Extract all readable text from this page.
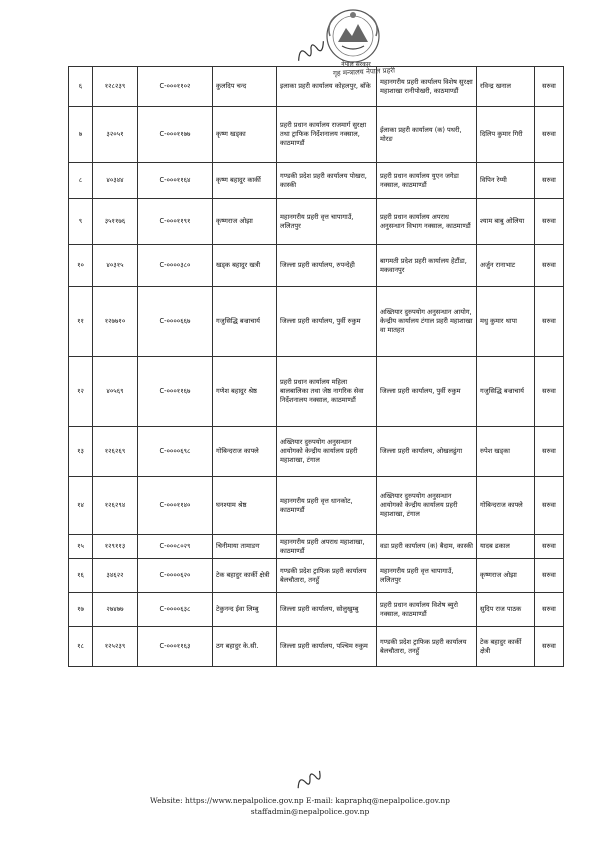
नेपाल सरकार
गृह मन्त्रालय नेपाल प्रहरी
६	१२८२३९	C-०००११०२	कुलदिप चन्द	इलाका प्रहरी कार्यालय कोहलपुर, बाँके	महानगरीय प्रहरी कार्यालय विशेष सुरक्षा महाशाखा रानीपोखरी, काठमाण्डौं	रविन्द्र खनाल	सरुवा
७	३२०५१	C-०००११७७	कृष्ण खड्का	प्रहरी प्रधान कार्यालय राजमार्ग सुरक्षा तथा ट्राफिक निर्देशनालय नक्साल, काठमाण्डौं	ईलाका प्रहरी कार्यालय (क) पथरी, मोरङ	दिलिप कुमार गिरी	सरुवा
८	४०३४४	C-०००११६४	कृष्ण बहादुर कार्की	गण्डकी प्रदेश प्रहरी कार्यालय पोखरा, कास्की	प्रहरी प्रधान कार्यालय युएन जगेडा नक्साल, काठमाण्डौं	विपिन रेग्मी	सरुवा
९	३५११७६	C-०००११९१	कृष्णराज ओझा	महानगरीय प्रहरी वृत्त चापागाउँ, ललितपुर	प्रहरी प्रधान कार्यालय अपराध अनुसन्धान विभाग नक्साल, काठमाण्डौं	श्याम बाबु ओलिया	सरुवा
१०	४०३१५	C-००००३८०	खड्क बहादुर खत्री	जिल्ला प्रहरी कार्यालय, रुपन्देही	बागमती प्रदेश प्रहरी कार्यालय हेटौंडा, मकवानपुर	अर्जुन रानाभाट	सरुवा
११	१२७७१०	C-००००६६७	गजुसिद्धि बज्राचार्य	जिल्ला प्रहरी कार्यालय, पुर्वी रुकुम	अख्तियार दुरुपयोग अनुसन्धान आयोग, केन्द्रीय कार्यालय टंगाल प्रहरी महाशाखा वा मातहत	मधु कुमार थापा	सरुवा
१२	४०५६९	C-०००११६७	गणेश बहादुर श्रेष्ठ	प्रहरी प्रधान कार्यालय महिला बालबालिका तथा जेष्ठ नागरिक सेवा निर्देशनालय नक्साल, काठमाण्डौं	जिल्ला प्रहरी कार्यालय, पुर्वी रुकुम	गजुसिद्धि बज्राचार्य	सरुवा
१३	१२६२६९	C-००००६९८	गोबिन्दराज काफ्ले	अख्तियार दुरुपयोग अनुसन्धान आयोगको केन्द्रीय कार्यालय प्रहरी महाशाखा, टंगाल	जिल्ला प्रहरी कार्यालय, ओखलढुंगा	रुपेश खड्का	सरुवा
१४	१२६२९४	C-०००११४०	घनश्याम श्रेष्ठ	महानगरीय प्रहरी वृत्त धानकोट, काठमाण्डौं	अख्तियार दुरुपयोग अनुसन्धान आयोगको केन्द्रीय कार्यालय प्रहरी महाशाखा, टंगाल	गोबिन्दराज काफ्ले	सरुवा
१५	१२९११३	C-०००८०२९	चिनीमाया तामाङग	महानगरीय प्रहरी अपराध महाशाखा, काठमाण्डौं	वडा प्रहरी कार्यालय (क) बैदाम, कास्की	यादब ढकाल	सरुवा
१६	३४६२२	C-००००६२०	टेक बहादुर कार्की क्षेत्री	गण्डकी प्रदेश ट्राफिक प्रहरी कार्यालय बेलचौतारा, तनहुँ	महानगरीय प्रहरी वृत्त चापागाउँ, ललितपुर	कृष्णराज ओझा	सरुवा
१७	२७४७७	C-००००६३८	टेकुनन्द ईवा लिम्बु	जिल्ला प्रहरी कार्यालय, सोलुखुम्बु	प्रहरी प्रधान कार्यालय विशेष ब्युरो नक्साल, काठमाण्डौं	सुदिप राज पाठक	सरुवा
१८	१२५२३९	C-०००११६३	ठग बहादुर के.सी.	जिल्ला प्रहरी कार्यालय, पश्चिम रुकुम	गण्डकी प्रदेश ट्राफिक प्रहरी कार्यालय बेलचौतारा, तनहुँ	टेक बहादुर कार्की क्षेत्री	सरुवा
Website: https://www.nepalpolice.gov.np E-mail: kapraphq@nepalpolice.gov.np
staffadmin@nepalpolice.gov.np
